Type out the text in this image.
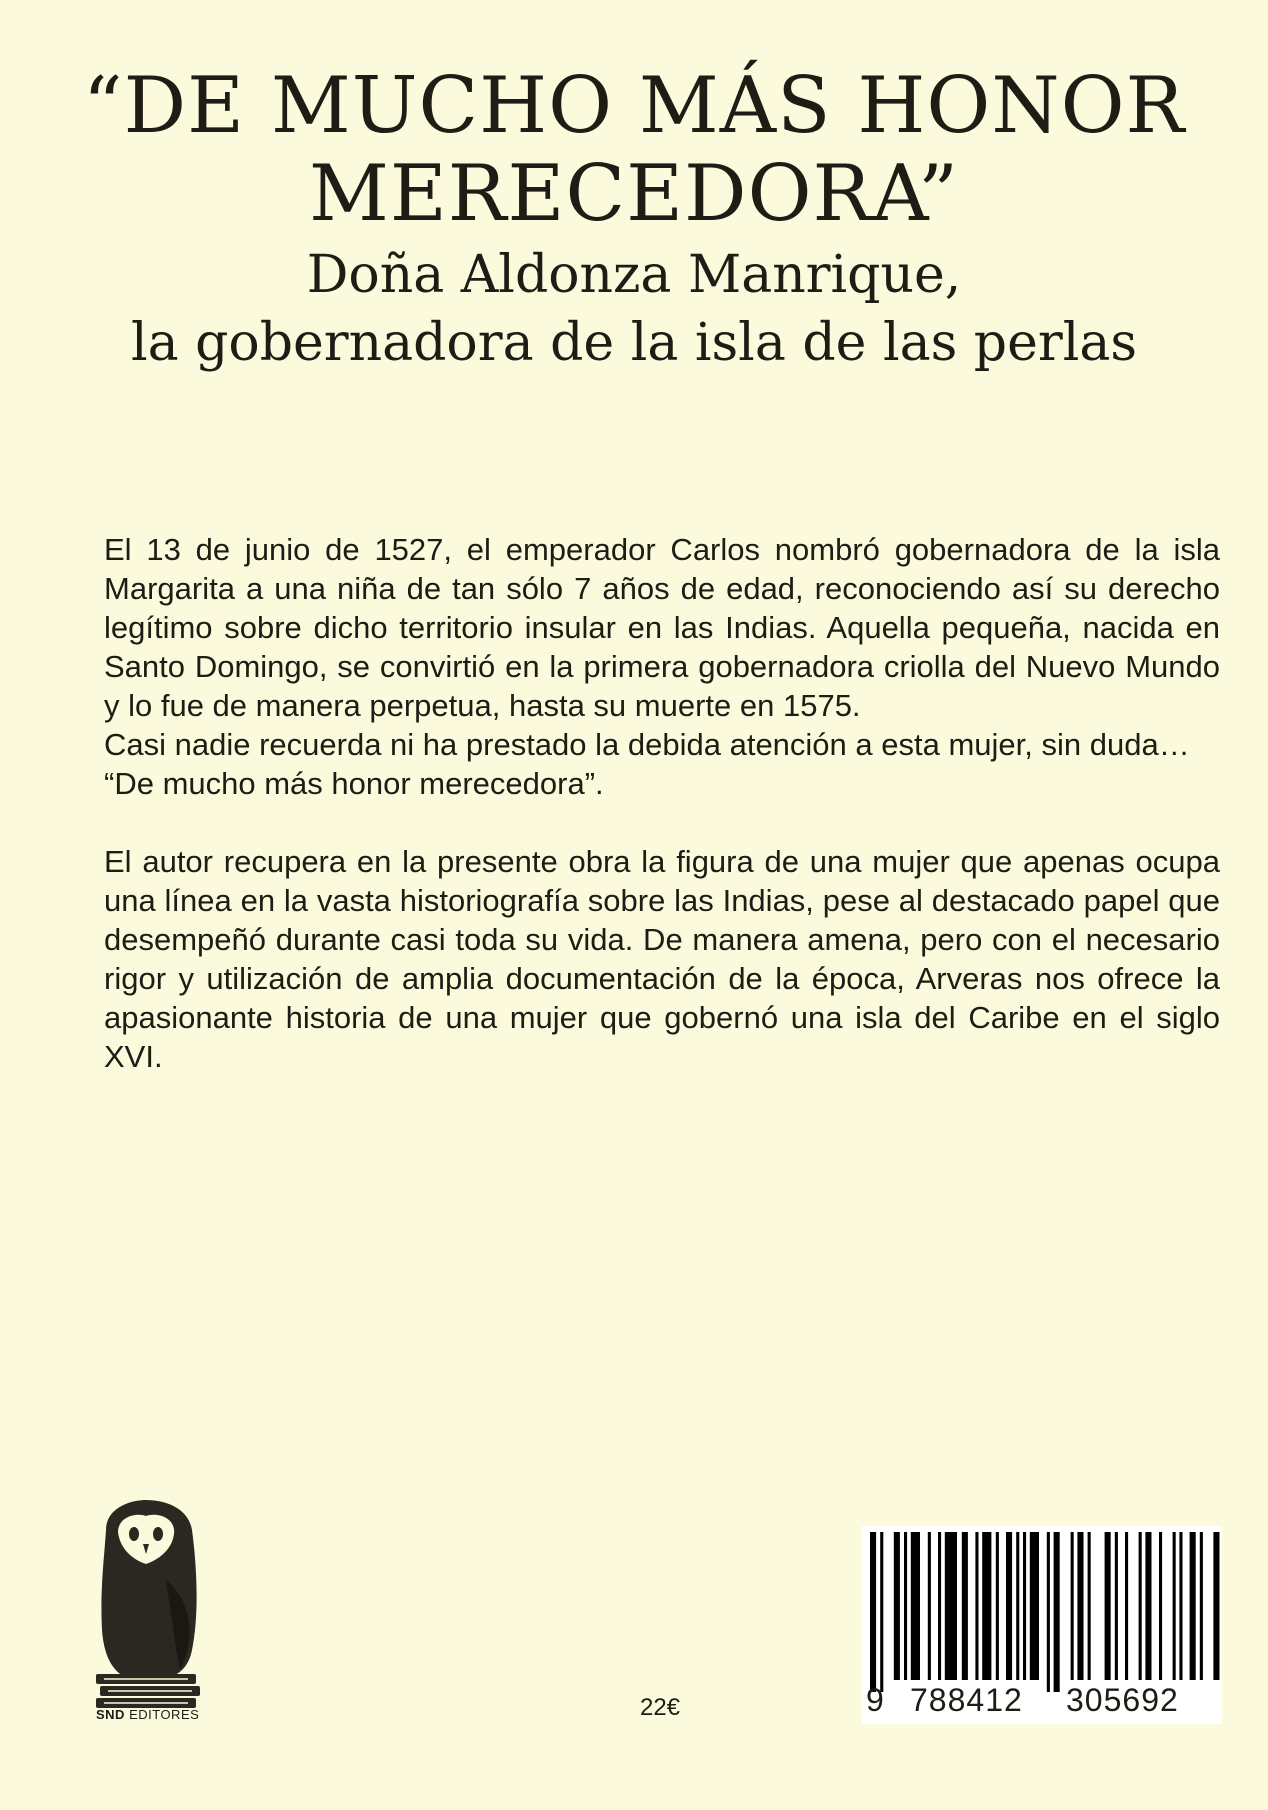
“DE MUCHO MÁS HONOR
MERECEDORA”
Doña Aldonza Manrique,
la gobernadora de la isla de las perlas

El 13 de junio de 1527, el emperador Carlos nombró gobernadora de la isla Margarita a una niña de tan sólo 7 años de edad, reconociendo así su derecho legítimo sobre dicho territorio insular en las Indias. Aquella pequeña, nacida en Santo Domingo, se convirtió en la primera gobernadora criolla del Nuevo Mundo y lo fue de manera perpetua, hasta su muerte en 1575.

Casi nadie recuerda ni ha prestado la debida atención a esta mujer, sin duda…

“De mucho más honor merecedora”.

El autor recupera en la presente obra la figura de una mujer que apenas ocupa una línea en la vasta historiografía sobre las Indias, pese al destacado papel que desempeñó durante casi toda su vida. De manera amena, pero con el necesario rigor y utilización de amplia documentación de la época, Arveras nos ofrece la apasionante historia de una mujer que gobernó una isla del Caribe en el siglo XVI.

SND EDITORES	22€	9 788412 305692
